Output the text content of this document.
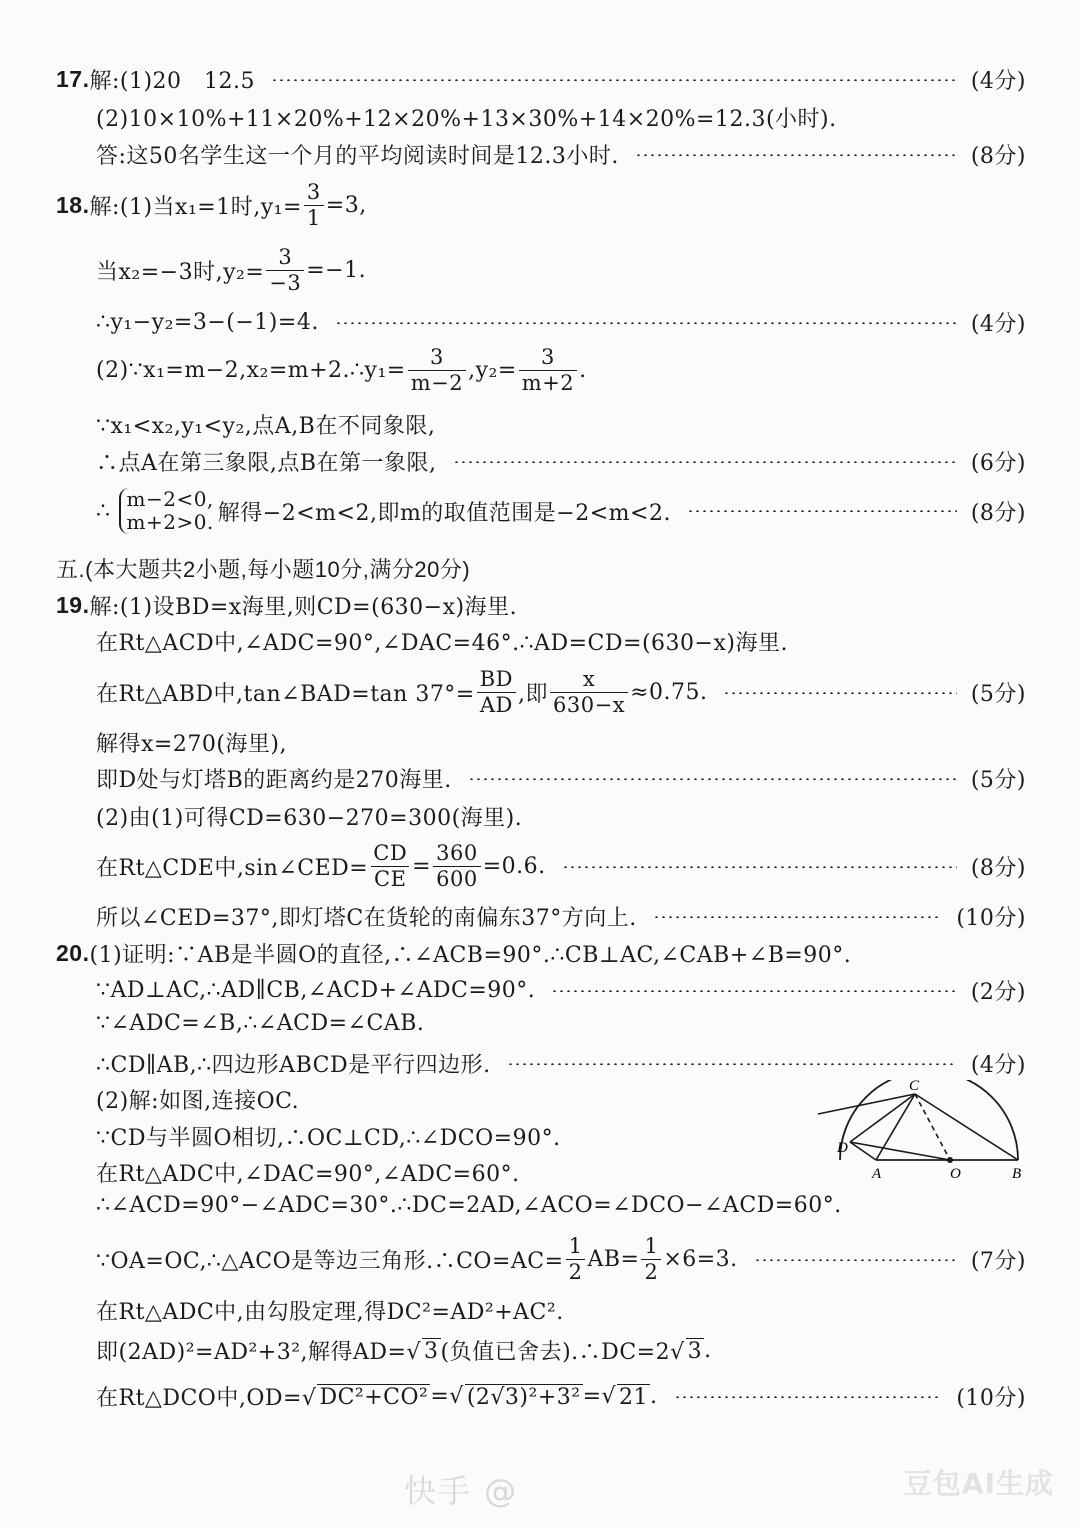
17. 解:(1)20　12.5	(4分)
(2)10×10%+11×20%+12×20%+13×30%+14×20%=12.3(小时).
答:这50名学生这一个月的平均阅读时间是12.3小时.	(8分)
18. 解:(1)当x₁=1时$,y_1= \frac{3}{1} =3$,
当x₂=−3时$,y_2= \frac{3}{-3} =-1$.
∴y₁−y₂=3−(−1)=4.	(4分)
(2)∵x₁=m−2,x₂=m+2.∴y₁= $\frac{3}{m-2} ,y_2= \frac{3}{m+2}$ .
∵x₁<x₂,y₁<y₂,点A,B在不同象限,
∴点A在第三象限,点B在第一象限,	(6分)
∴ m−2<0,
m+2>0. 解得−2<m<2,即m的取值范围是−2<m<2.	(8分)
五.(本大题共2小题,每小题10分,满分20分)
19. 解:(1)设BD=x海里,则CD=(630−x)海里.
在Rt△ACD中,∠ADC=90°,∠DAC=46°.∴AD=CD=(630−x)海里.
在Rt△ABD中,tan∠BAD=tan $37^\circ= \frac{BD}{AD}$ ,即 $\frac{x}{630-x} \approx 0.75$.	(5分)
解得x=270(海里),
即D处与灯塔B的距离约是270海里.	(5分)
(2)由(1)可得CD=630−270=300(海里).
在Rt△CDE中,sin∠CED= $\frac{CD}{CE} = \frac{360}{600} =0.6$.	(8分)
所以∠CED=37°,即灯塔C在货轮的南偏东37°方向上.	(10分)
20. (1)证明:∵AB是半圆O的直径,∴∠ACB=90°.∴CB⊥AC,∠CAB+∠B=90°.
∵AD⊥AC,∴AD∥CB,∠ACD+∠ADC=90°.	(2分)
∵∠ADC=∠B,∴∠ACD=∠CAB.
∴CD∥AB,∴四边形ABCD是平行四边形.	(4分)
(2)解:如图,连接OC.
∵CD与半圆O相切,∴OC⊥CD,∴∠DCO=90°.
在Rt△ADC中,∠DAC=90°,∠ADC=60°.
∴∠ACD=90°−∠ADC=30°.∴DC=2AD,∠ACO=∠DCO−∠ACD=60°.
∵OA=OC,∴△ACO是等边三角形.∴CO=AC= $\frac{1}{2} AB= \frac{1}{2} \times 6=3$.	(7分)
在Rt△ADC中,由勾股定理,得DC²=AD²+AC².
即(2AD)²=AD²+3²,解得AD=√ 3 (负值已舍去).∴DC=2√ 3 .
在Rt△DCO中,OD=√ DC²+CO² =√ (2√3)²+3² =√ 21 .	(10分)
C
D
A	O	B
快手 @	豆包AI生成
